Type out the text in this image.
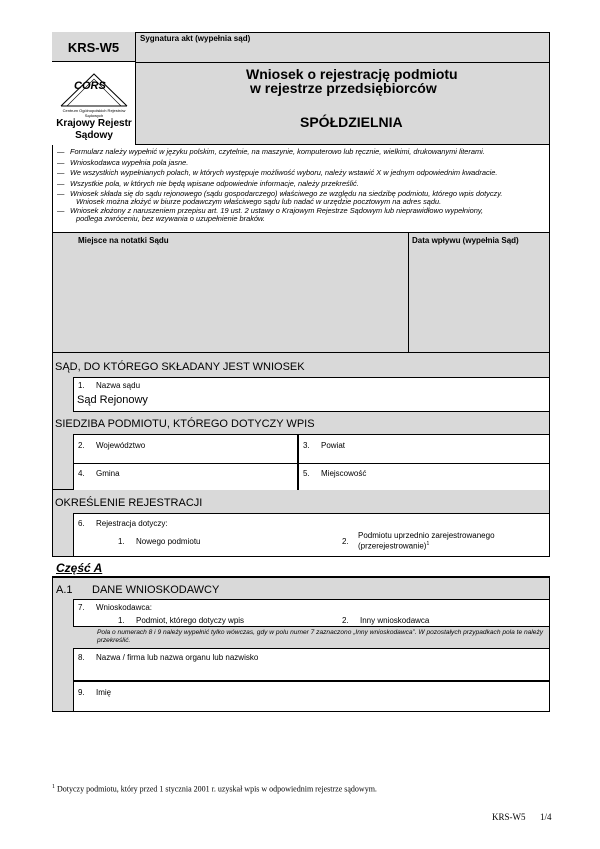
KRS-W5
Sygnatura akt (wypełnia sąd)
CORS
Centrum Ogólnopolskich Rejestrów Sądowych
Krajowy Rejestr Sądowy
Wniosek o rejestrację podmiotu
w rejestrze przedsiębiorców
SPÓŁDZIELNIA
— Formularz należy wypełnić w języku polskim, czytelnie, na maszynie, komputerowo lub ręcznie, wielkimi, drukowanymi literami.
— Wnioskodawca wypełnia pola jasne.
— We wszystkich wypełnianych polach, w których występuje możliwość wyboru, należy wstawić X w jednym odpowiednim kwadracie.
— Wszystkie pola, w których nie będą wpisane odpowiednie informacje, należy przekreślić.
— Wniosek składa się do sądu rejonowego (sądu gospodarczego) właściwego ze względu na siedzibę podmiotu, którego wpis dotyczy.
Wniosek można złożyć w biurze podawczym właściwego sądu lub nadać w urzędzie pocztowym na adres sądu.
— Wniosek złożony z naruszeniem przepisu art. 19 ust. 2 ustawy o Krajowym Rejestrze Sądowym lub nieprawidłowo wypełniony,
podlega zwróceniu, bez wzywania o uzupełnienie braków.
Miejsce na notatki Sądu	Data wpływu (wypełnia Sąd)
SĄD, DO KTÓREGO SKŁADANY JEST WNIOSEK
1. Nazwa sądu
Sąd Rejonowy
SIEDZIBA PODMIOTU, KTÓREGO DOTYCZY WPIS
2. Województwo	3. Powiat
4. Gmina	5. Miejscowość
OKREŚLENIE REJESTRACJI
6. Rejestracja dotyczy:
1. Nowego podmiotu	2.
Podmiotu uprzednio zarejestrowanego
(przerejestrowanie)$^1$
Część A
A.1 DANE WNIOSKODAWCY
7. Wnioskodawca:
1. Podmiot, którego dotyczy wpis	2. Inny wnioskodawca
Pola o numerach 8 i 9 należy wypełnić tylko wówczas, gdy w polu numer 7 zaznaczono „Inny wnioskodawca”. W pozostałych przypadkach pola te należy przekreślić.
8. Nazwa / firma lub nazwa organu lub nazwisko
9. Imię
$^1$ Dotyczy podmiotu, który przed 1 stycznia 2001 r. uzyskał wpis w odpowiednim rejestrze sądowym.
KRS-W5 1/4
